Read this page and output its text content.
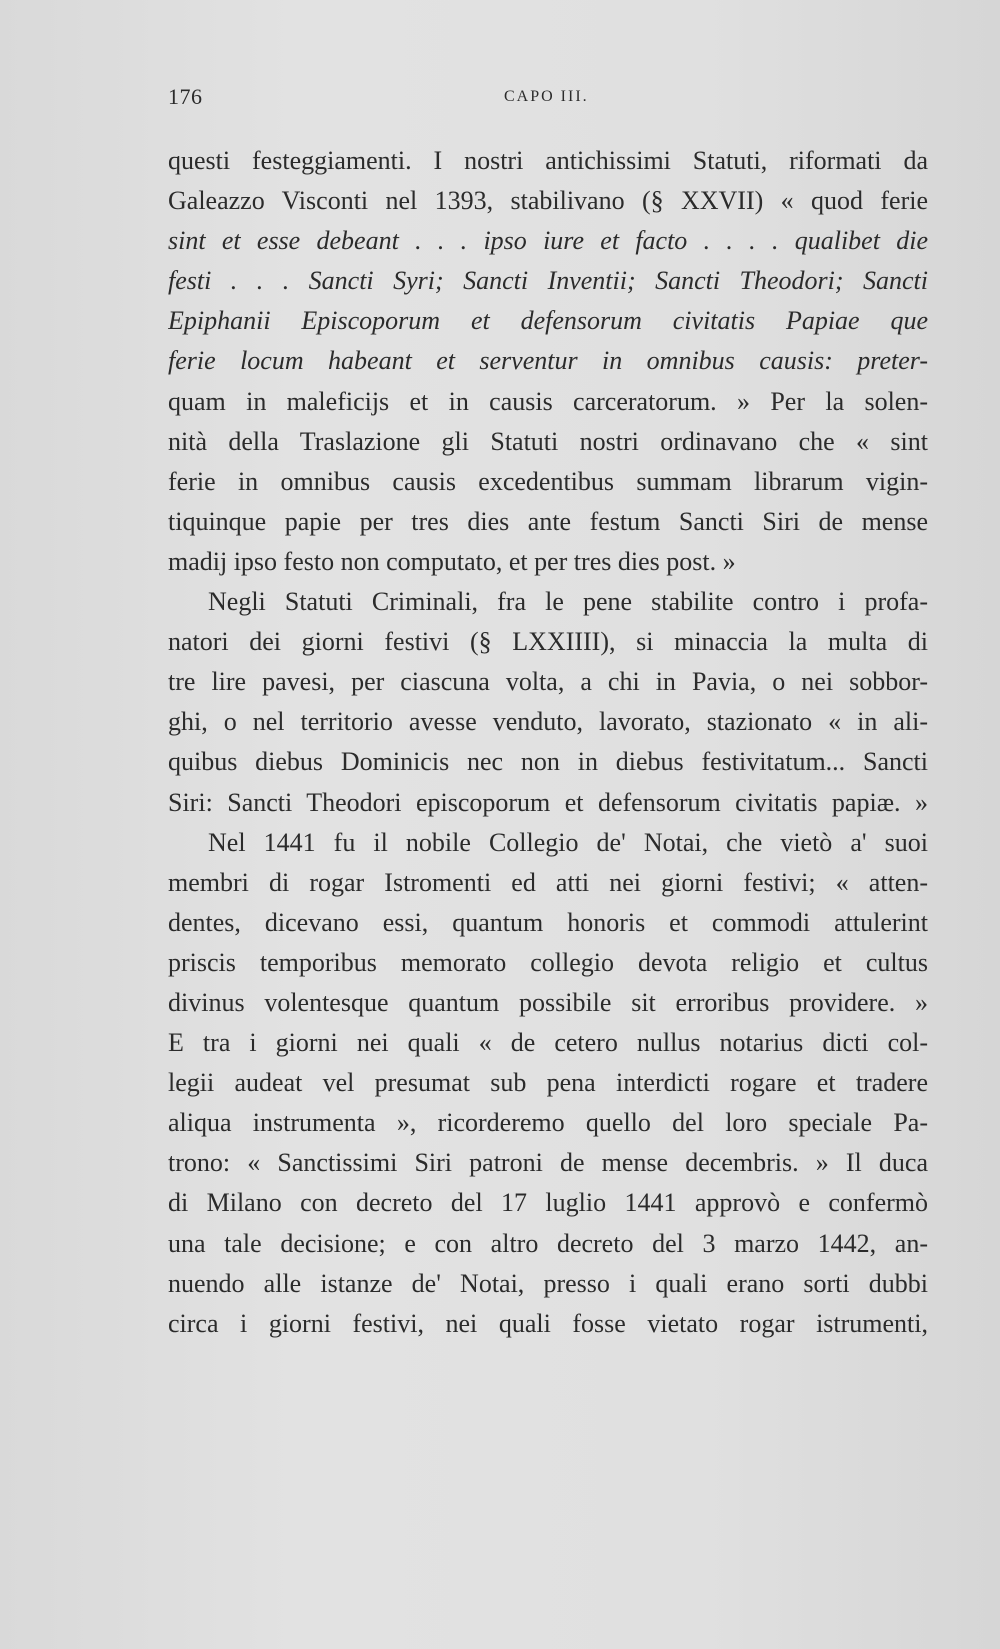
176	CAPO III.
questi festeggiamenti. I nostri antichissimi Statuti, riformati da
Galeazzo Visconti nel 1393, stabilivano (§ XXVII) « quod ferie
sint et esse debeant . . . ipso iure et facto . . . . qualibet die
festi . . . Sancti Syri; Sancti Inventii; Sancti Theodori; Sancti
Epiphanii Episcoporum et defensorum civitatis Papiae que
ferie locum habeant et serventur in omnibus causis: preter-
quam in maleficijs et in causis carceratorum. » Per la solen-
nità della Traslazione gli Statuti nostri ordinavano che « sint
ferie in omnibus causis excedentibus summam librarum vigin-
tiquinque papie per tres dies ante festum Sancti Siri de mense
madij ipso festo non computato, et per tres dies post. »
Negli Statuti Criminali, fra le pene stabilite contro i profa-
natori dei giorni festivi (§ LXXIIII), si minaccia la multa di
tre lire pavesi, per ciascuna volta, a chi in Pavia, o nei sobbor-
ghi, o nel territorio avesse venduto, lavorato, stazionato « in ali-
quibus diebus Dominicis nec non in diebus festivitatum... Sancti
Siri: Sancti Theodori episcoporum et defensorum civitatis papiæ. »
Nel 1441 fu il nobile Collegio de' Notai, che vietò a' suoi
membri di rogar Istromenti ed atti nei giorni festivi; « atten-
dentes, dicevano essi, quantum honoris et commodi attulerint
priscis temporibus memorato collegio devota religio et cultus
divinus volentesque quantum possibile sit erroribus providere. »
E tra i giorni nei quali « de cetero nullus notarius dicti col-
legii audeat vel presumat sub pena interdicti rogare et tradere
aliqua instrumenta », ricorderemo quello del loro speciale Pa-
trono: « Sanctissimi Siri patroni de mense decembris. » Il duca
di Milano con decreto del 17 luglio 1441 approvò e confermò
una tale decisione; e con altro decreto del 3 marzo 1442, an-
nuendo alle istanze de' Notai, presso i quali erano sorti dubbi
circa i giorni festivi, nei quali fosse vietato rogar istrumenti,
